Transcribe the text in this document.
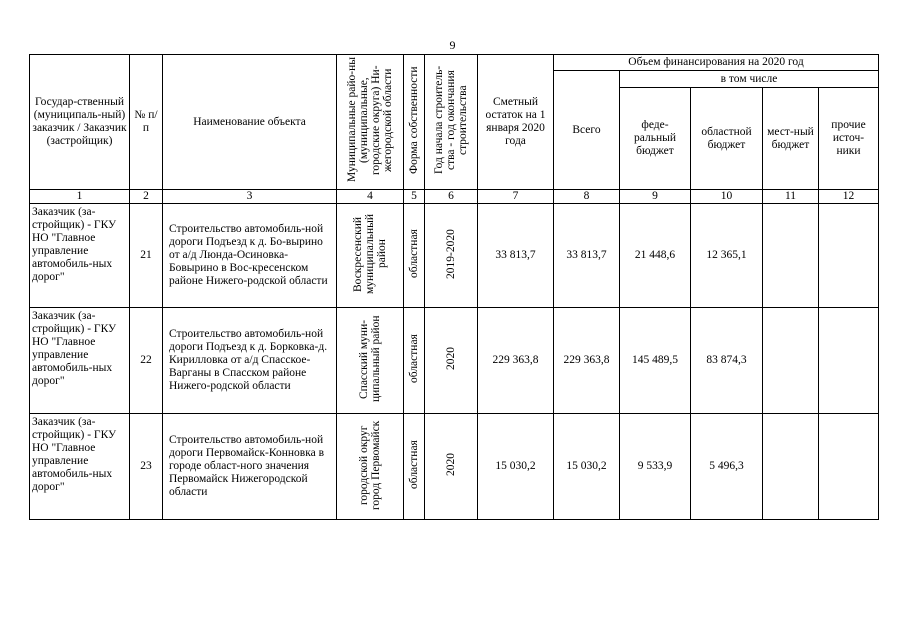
9
Государ-ственный (муниципаль-ный) заказчик / Заказчик (застройщик)	№ п/п	Наименование объекта	Муниципальные райо-ны (муниципальные, городские округа) Ни-жегородской области	Форма собственности	Год начала строитель-ства - год окончания строительства	Сметный остаток на 1 января 2020 года	Объем финансирования на 2020 год				
							Всего	в том числе			
								феде-ральный бюджет	областной бюджет	мест-ный бюджет	прочие источ-ники
1	2	3	4	5	6	7	8	9	10	11	12
Заказчик (за-стройщик) - ГКУ НО "Главное управление автомобиль-ных дорог"	21	Строительство автомобиль-ной дороги Подъезд к д. Бо-вырино от а/д Люнда-Осиновка-Бовырино в Вос-кресенском районе Нижего-родской области	Воскресенский муниципальный район	областная	2019-2020	33 813,7	33 813,7	21 448,6	12 365,1		
Заказчик (за-стройщик) - ГКУ НО "Главное управление автомобиль-ных дорог"	22	Строительство автомобиль-ной дороги Подъезд к д. Борковка-д. Кирилловка от а/д Спасское-Варганы в Спасском районе Нижего-родской области	Спасский муни-ципальный район	областная	2020	229 363,8	229 363,8	145 489,5	83 874,3		
Заказчик (за-стройщик) - ГКУ НО "Главное управление автомобиль-ных дорог"	23	Строительство автомобиль-ной дороги Первомайск-Конновка в городе област-ного значения Первомайск Нижегородской области	городской округ город Первомайск	областная	2020	15 030,2	15 030,2	9 533,9	5 496,3		
